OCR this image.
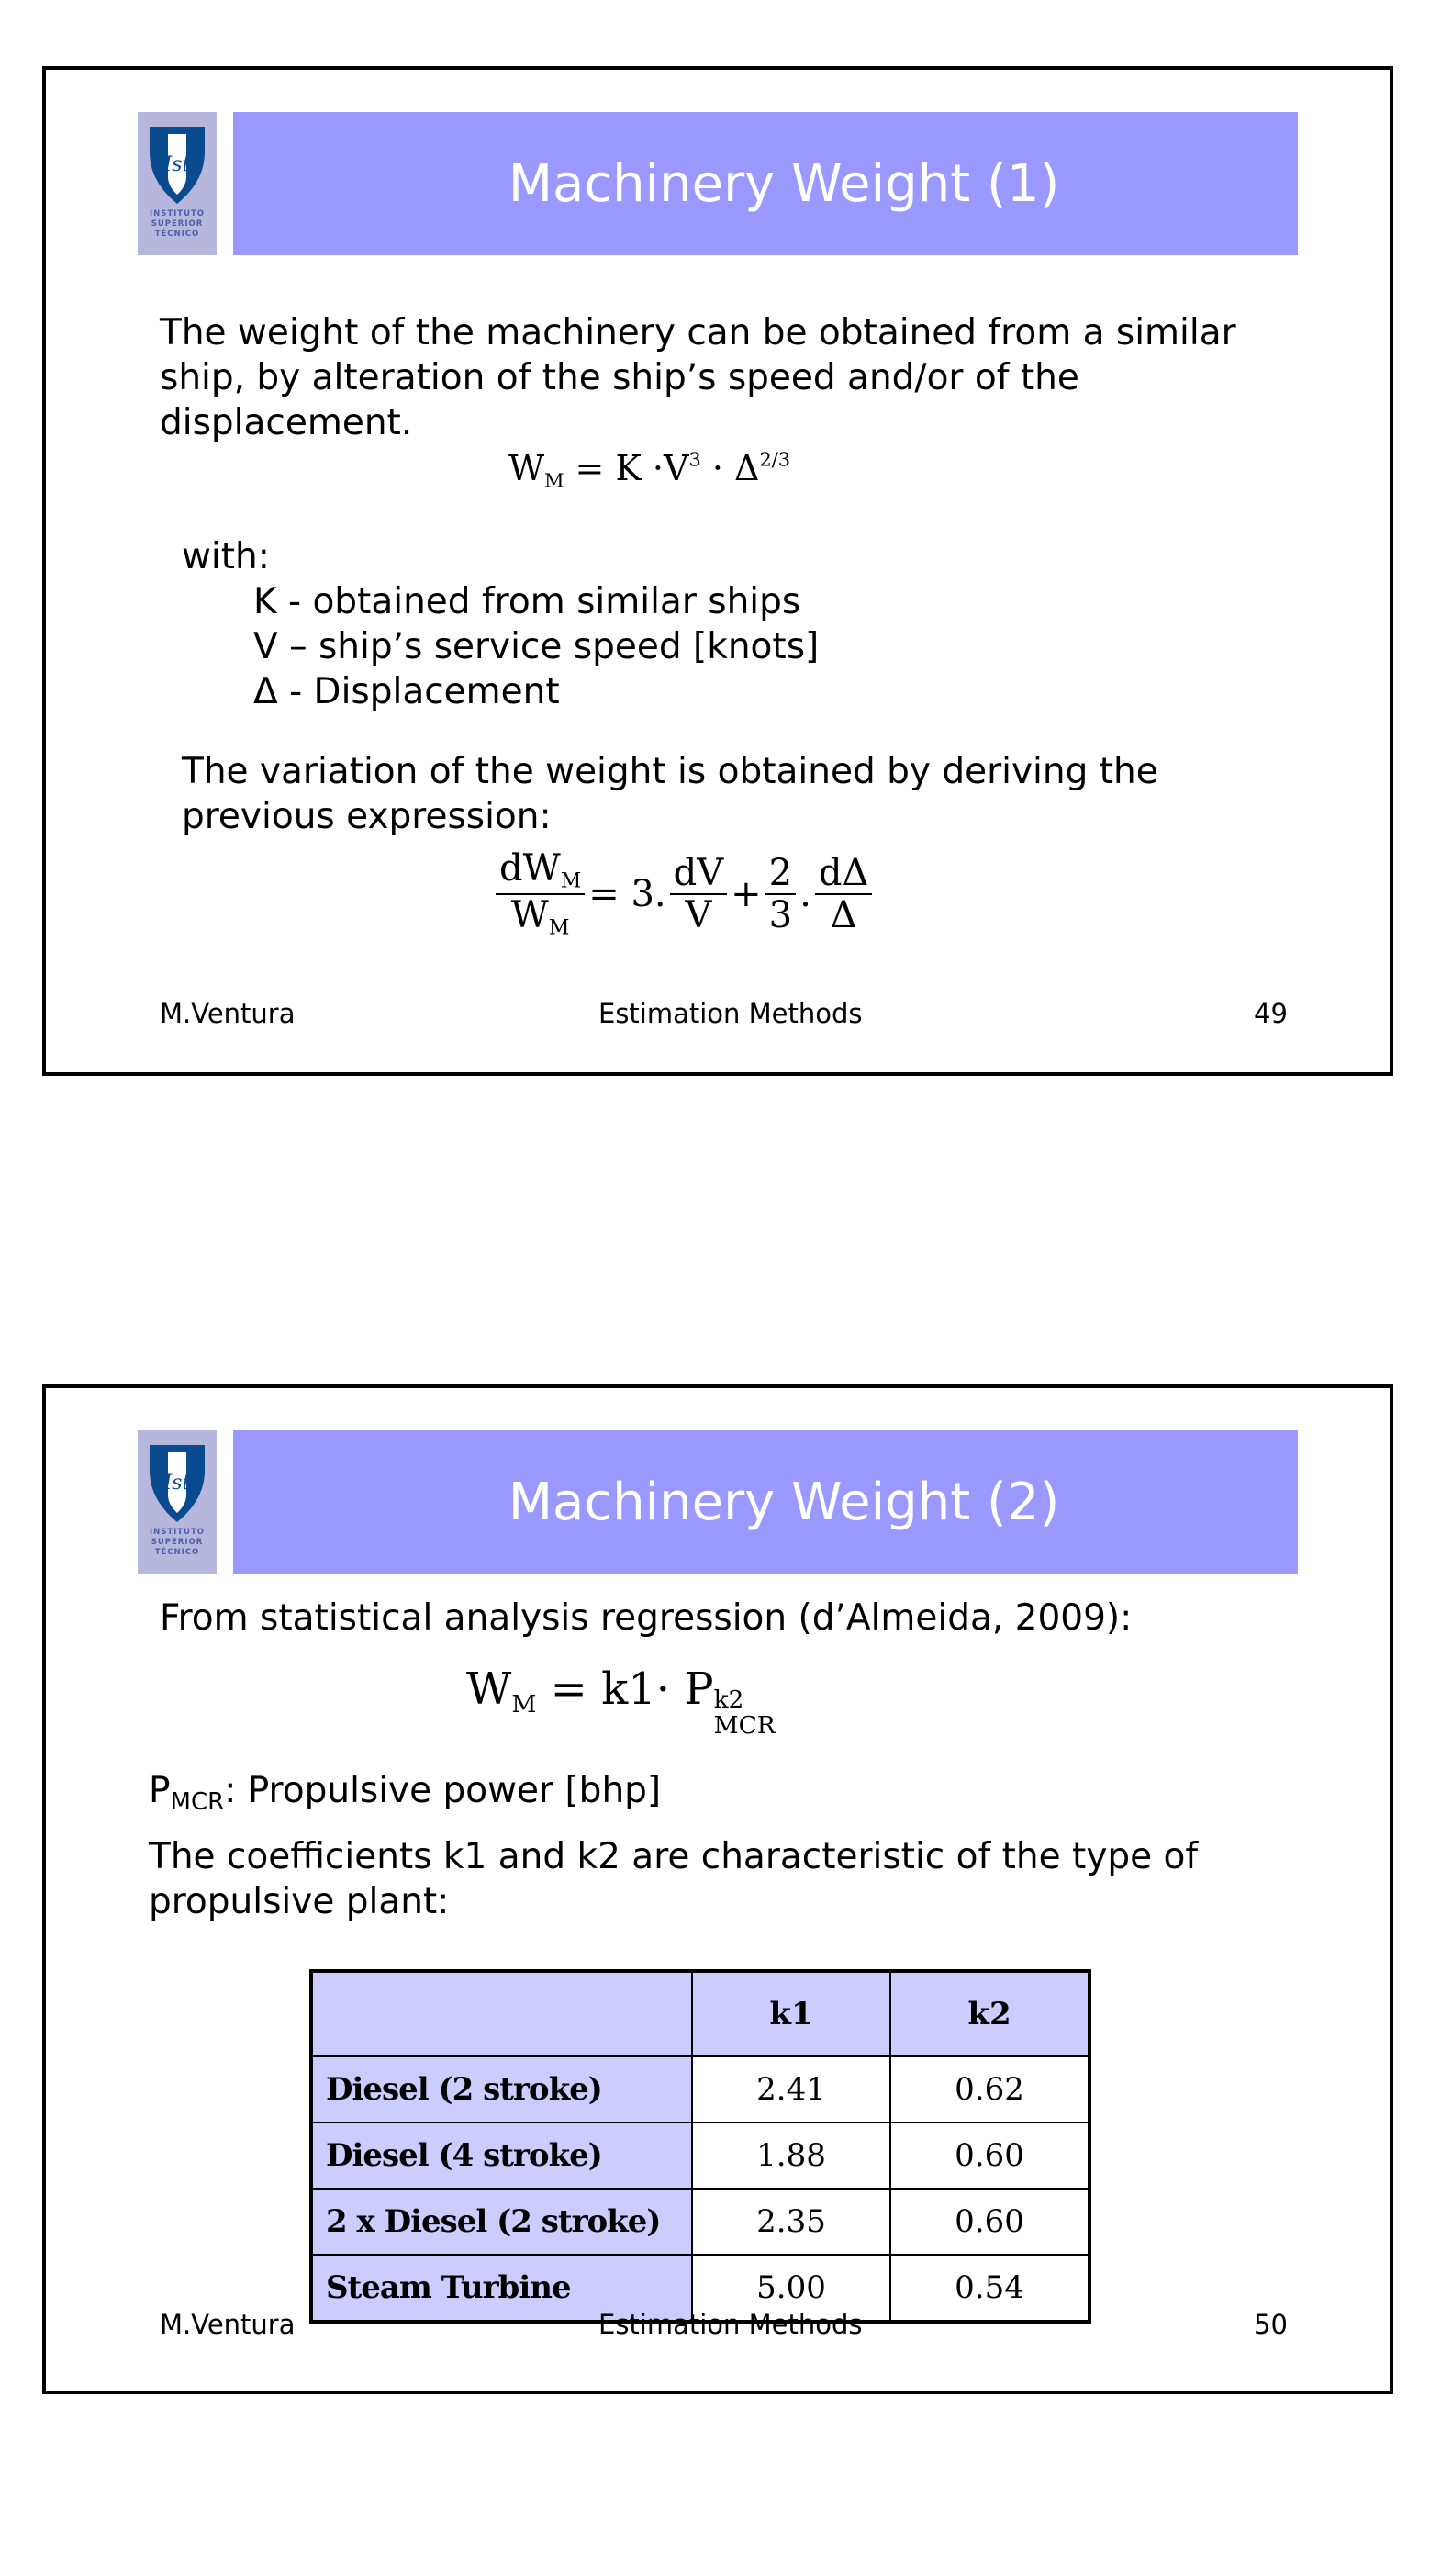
Ist
INSTITUTO
SUPERIOR
TÉCNICO
Machinery Weight (1)
The weight of the machinery can be obtained from a similar
ship, by alteration of the ship’s speed and/or of the
displacement.
$W_M = K \cdot V^3 \cdot \Delta^{2/3}$
with:
K - obtained from similar ships
V – ship’s service speed [knots]
Δ - Displacement
The variation of the weight is obtained by deriving the
previous expression:
$\frac{dW_M}{W_M} = 3$. $\frac{dV}{V} + \frac{2}{3}$ . $\frac{d\Delta}{\Delta}$
M.Ventura	Estimation Methods	49
Ist
INSTITUTO
SUPERIOR
TÉCNICO
Machinery Weight (2)
From statistical analysis regression (d’Almeida, 2009):
$W_M = k1\cdot P$ k2
MCR
PMCR: Propulsive power [bhp]
The coefficients k1 and k2 are characteristic of the type of
propulsive plant:
	k1	k2
Diesel (2 stroke)	2.41	0.62
Diesel (4 stroke)	1.88	0.60
2 x Diesel (2 stroke)	2.35	0.60
Steam Turbine	5.00	0.54
M.Ventura	Estimation Methods	50
